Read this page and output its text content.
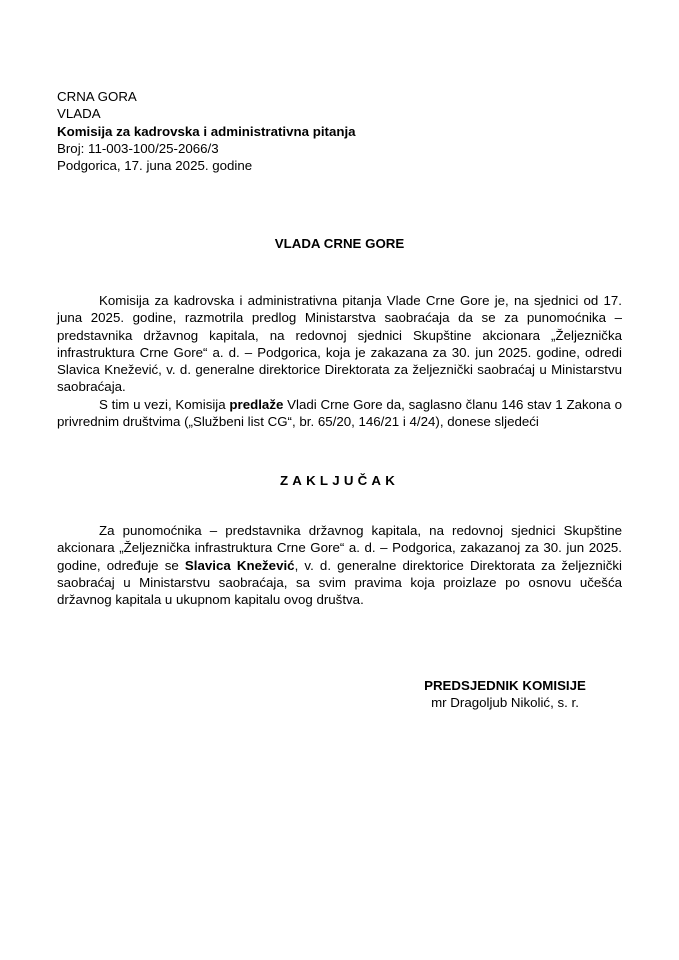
CRNA GORA
VLADA
Komisija za kadrovska i administrativna pitanja
Broj: 11-003-100/25-2066/3
Podgorica, 17. juna 2025. godine
VLADA CRNE GORE

Komisija za kadrovska i administrativna pitanja Vlade Crne Gore je, na sjednici od 17. juna 2025. godine, razmotrila predlog Ministarstva saobraćaja da se za punomoćnika – predstavnika državnog kapitala, na redovnoj sjednici Skupštine akcionara „Željeznička infrastruktura Crne Gore“ a. d. – Podgorica, koja je zakazana za 30. jun 2025. godine, odredi Slavica Knežević, v. d. generalne direktorice Direktorata za željeznički saobraćaj u Ministarstvu saobraćaja.

S tim u vezi, Komisija predlaže Vladi Crne Gore da, saglasno članu 146 stav 1 Zakona o privrednim društvima („Službeni list CG“, br. 65/20, 146/21 i 4/24), donese sljedeći

ZAKLJUČAK

Za punomoćnika – predstavnika državnog kapitala, na redovnoj sjednici Skupštine akcionara „Željeznička infrastruktura Crne Gore“ a. d. – Podgorica, zakazanoj za 30. jun 2025. godine, određuje se Slavica Knežević, v. d. generalne direktorice Direktorata za željeznički saobraćaj u Ministarstvu saobraćaja, sa svim pravima koja proizlaze po osnovu učešća državnog kapitala u ukupnom kapitalu ovog društva.

PREDSJEDNIK KOMISIJE
mr Dragoljub Nikolić, s. r.
